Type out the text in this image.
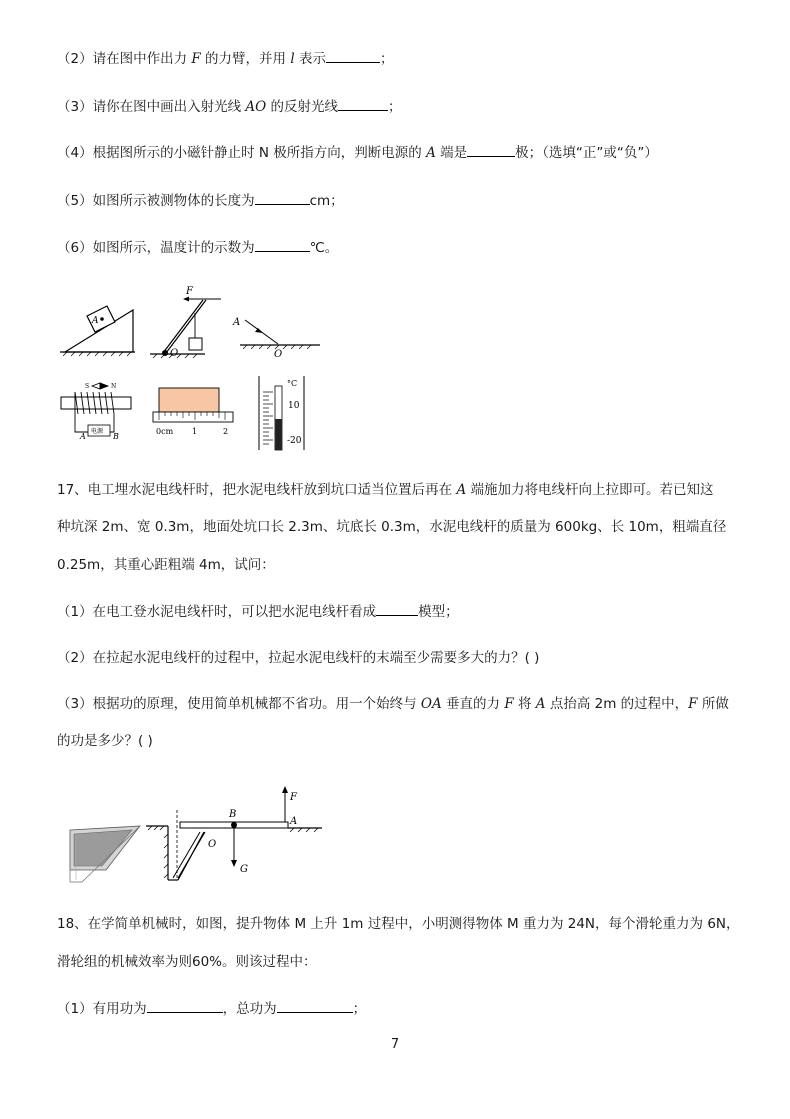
（2）请在图中作出力 F 的力臂，并用 l 表示	；
（3）请你在图中画出入射光线 AO 的反射光线	；
（4）根据图所示的小磁针静止时 N 极所指方向，判断电源的 A 端是	极；（选填“正”或“负”）
（5）如图所示被测物体的长度为	cm；
（6）如图所示，温度计的示数为	℃。
A
F
O
A
O
S	N
电源
A	B
0cm 1	2
°C
10
-20
17、电工埋水泥电线杆时，把水泥电线杆放到坑口适当位置后再在 A 端施加力将电线杆向上拉即可。若已知这
种坑深 2m、宽 0.3m，地面处坑口长 2.3m、坑底长 0.3m，水泥电线杆的质量为 600kg、长 10m，粗端直径
0.25m，其重心距粗端 4m，试问：
（1）在电工登水泥电线杆时，可以把水泥电线杆看成	模型；
（2）在拉起水泥电线杆的过程中，拉起水泥电线杆的末端至少需要多大的力？( )
（3）根据功的原理，使用简单机械都不省功。用一个始终与 OA 垂直的力 F 将 A 点抬高 2m 的过程中，F 所做
的功是多少？( )
B
F
A
O
G
18、在学简单机械时，如图，提升物体 M 上升 1m 过程中，小明测得物体 M 重力为 24N，每个滑轮重力为 6N，
滑轮组的机械效率为则60%。则该过程中：
（1）有用功为	，总功为	；
7
